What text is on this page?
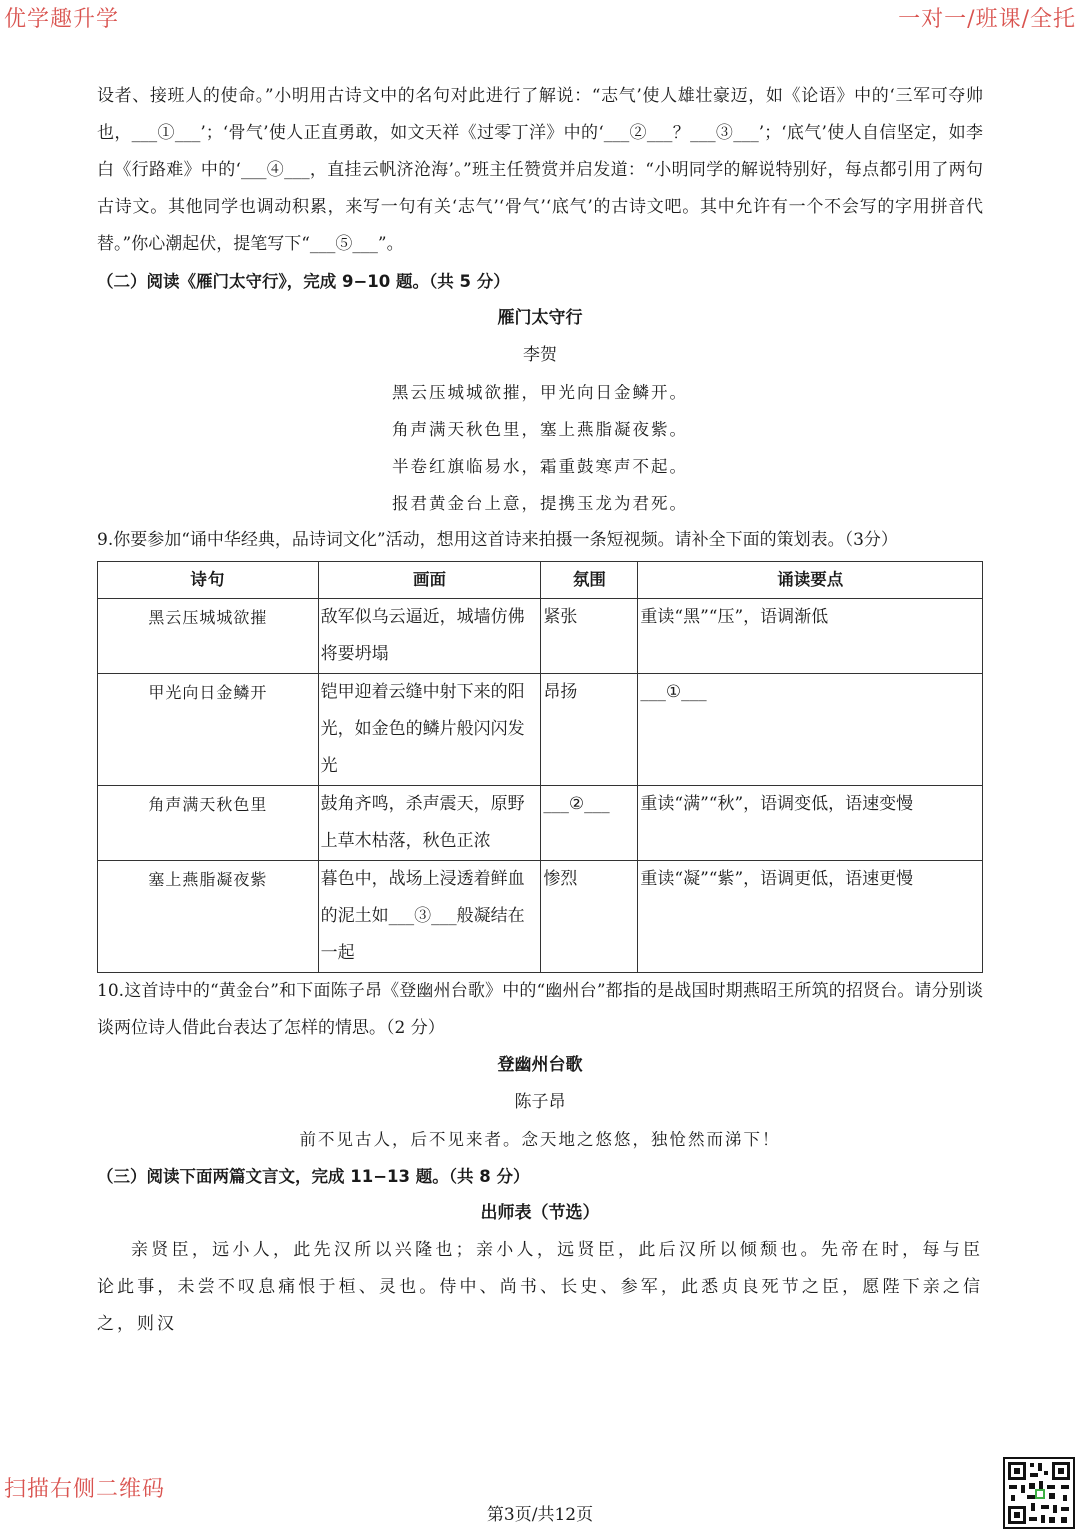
优学趣升学	一对一/班课/全托

设者、接班人的使命。”小明用古诗文中的名句对此进行了解说：“志气’使人雄壮豪迈，如《论语》中的‘三军可夺帅也，___①___’；‘骨气’使人正直勇敢，如文天祥《过零丁洋》中的‘___②___？___③___’；‘底气’使人自信坚定，如李白《行路难》中的‘___④___，直挂云帆济沧海’。”班主任赞赏并启发道：“小明同学的解说特别好，每点都引用了两句古诗文。其他同学也调动积累，来写一句有关‘志气’‘骨气’‘底气’的古诗文吧。其中允许有一个不会写的字用拼音代替。”你心潮起伏，提笔写下“___⑤___”。

（二）阅读《雁门太守行》，完成 9−10 题。（共 5 分）

雁门太守行

李贺

黑云压城城欲摧，甲光向日金鳞开。

角声满天秋色里，塞上燕脂凝夜紫。

半卷红旗临易水，霜重鼓寒声不起。

报君黄金台上意，提携玉龙为君死。

9.你要参加“诵中华经典，品诗词文化”活动，想用这首诗来拍摄一条短视频。请补全下面的策划表。（3分）

诗句	画面	氛围	诵读要点
黑云压城城欲摧	敌军似乌云逼近，城墙仿佛将要坍塌	紧张	重读“黑”“压”，语调渐低
甲光向日金鳞开	铠甲迎着云缝中射下来的阳光，如金色的鳞片般闪闪发光	昂扬	___①___
角声满天秋色里	鼓角齐鸣，杀声震天，原野上草木枯落，秋色正浓	___②___	重读“满”“秋”，语调变低，语速变慢
塞上燕脂凝夜紫	暮色中，战场上浸透着鲜血的泥土如___③___般凝结在一起	惨烈	重读“凝”“紫”，语调更低，语速更慢

10.这首诗中的“黄金台”和下面陈子昂《登幽州台歌》中的“幽州台”都指的是战国时期燕昭王所筑的招贤台。请分别谈谈两位诗人借此台表达了怎样的情思。（2 分）

登幽州台歌

陈子昂

前不见古人，后不见来者。念天地之悠悠，独怆然而涕下！

（三）阅读下面两篇文言文，完成 11−13 题。（共 8 分）

出师表（节选）

亲贤臣，远小人，此先汉所以兴隆也；亲小人，远贤臣，此后汉所以倾颓也。先帝在时，每与臣论此事，未尝不叹息痛恨于桓、灵也。侍中、尚书、长史、参军，此悉贞良死节之臣，愿陛下亲之信之，则汉

扫描右侧二维码
第3页/共12页
